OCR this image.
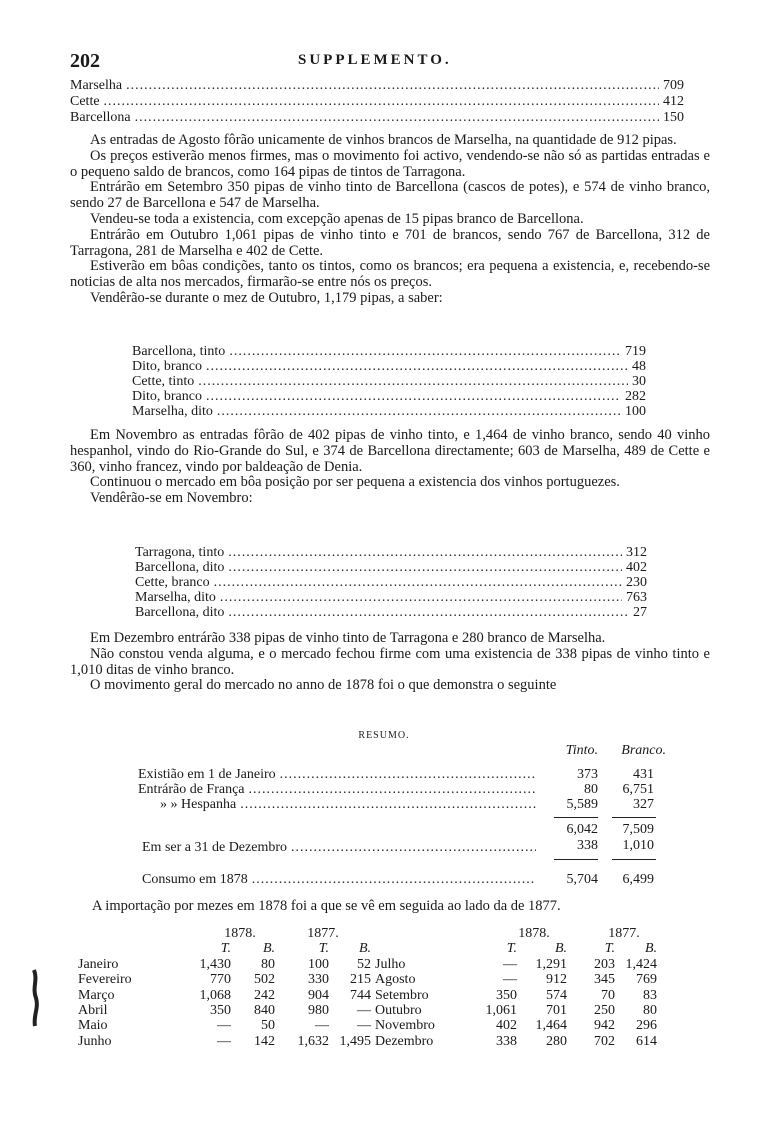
202	SUPPLEMENTO.
Marselha .....	709
Cette .....	412
Barcellona .....	150

As entradas de Agosto fôrão unicamente de vinhos brancos de Marselha, na quantidade de 912 pipas.

Os preços estiverão menos firmes, mas o movimento foi activo, vendendo-se não só as partidas entradas e o pequeno saldo de brancos, como 164 pipas de tintos de Tarragona.

Entrárão em Setembro 350 pipas de vinho tinto de Barcellona (cascos de potes), e 574 de vinho branco, sendo 27 de Barcellona e 547 de Marselha.

Vendeu-se toda a existencia, com excepção apenas de 15 pipas branco de Barcellona.

Entrárão em Outubro 1,061 pipas de vinho tinto e 701 de brancos, sendo 767 de Barcellona, 312 de Tarragona, 281 de Marselha e 402 de Cette.

Estiverão em bôas condições, tanto os tintos, como os brancos; era pequena a existencia, e, recebendo-se noticias de alta nos mercados, firmarão-se entre nós os preços.

Vendêrão-se durante o mez de Outubro, 1,179 pipas, a saber:

Barcellona, tinto .....	719
Dito, branco .....	48
Cette, tinto .....	30
Dito, branco .....	282
Marselha, dito .....	100

Em Novembro as entradas fôrão de 402 pipas de vinho tinto, e 1,464 de vinho branco, sendo 40 vinho hespanhol, vindo do Rio-Grande do Sul, e 374 de Barcellona directamente; 603 de Marselha, 489 de Cette e 360, vinho francez, vindo por baldeação de Denia.

Continuou o mercado em bôa posição por ser pequena a existencia dos vinhos portuguezes.

Vendêrão-se em Novembro:

Tarragona, tinto .....	312
Barcellona, dito .....	402
Cette, branco .....	230
Marselha, dito .....	763
Barcellona, dito .....	27

Em Dezembro entrárão 338 pipas de vinho tinto de Tarragona e 280 branco de Marselha.

Não constou venda alguma, e o mercado fechou firme com uma existencia de 338 pipas de vinho tinto e 1,010 ditas de vinho branco.

O movimento geral do mercado no anno de 1878 foi o que demonstra o seguinte

RESUMO.
Tinto.	Branco.
Existião em 1 de Janeiro .....	373	431
Entrárão de França .....	80	6,751
» » Hespanha .....	5,589	327
6,042	7,509
Em ser a 31 de Dezembro .....	338	1,010
Consumo em 1878 .....	5,704	6,499
A importação por mezes em 1878 foi a que se vê em seguida ao lado da de 1877.
	1878.		1877.			1878.		1877.	
	T.	B.	T.	B.		T.	B.	T.	B.
Janeiro	1,430	80	100	52	Julho	—	1,291	203	1,424
Fevereiro	770	502	330	215	Agosto	—	912	345	769
Março	1,068	242	904	744	Setembro	350	574	70	83
Abril	350	840	980	—	Outubro	1,061	701	250	80
Maio	—	50	—	—	Novembro	402	1,464	942	296
Junho	—	142	1,632	1,495	Dezembro	338	280	702	614
